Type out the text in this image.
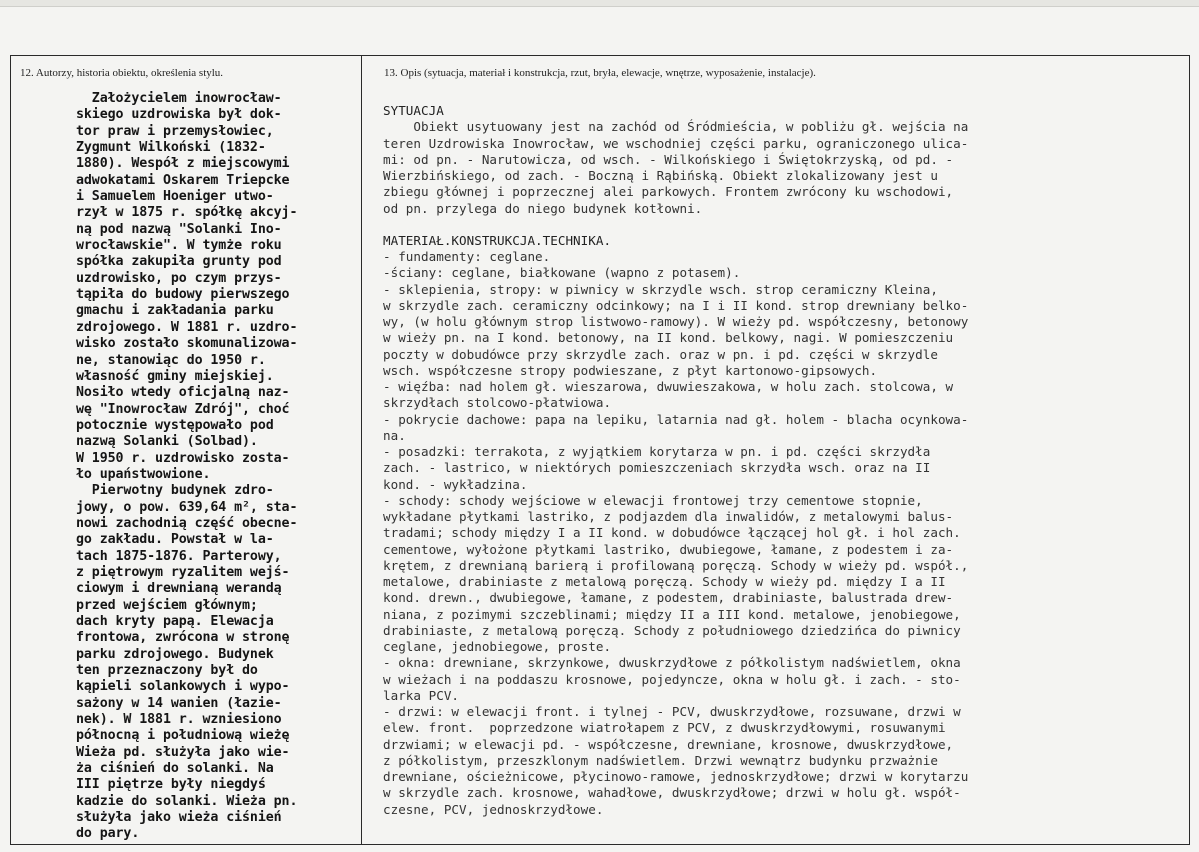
12. Autorzy, historia obiektu, określenia stylu.
Założycielem inowrocław-
skiego uzdrowiska był dok-
tor praw i przemysłowiec,
Zygmunt Wilkoński (1832-
1880). Wespół z miejscowymi
adwokatami Oskarem Triepcke
i Samuelem Hoeniger utwo-
rzył w 1875 r. spółkę akcyj-
ną pod nazwą "Solanki Ino-
wrocławskie". W tymże roku
spółka zakupiła grunty pod
uzdrowisko, po czym przys-
tąpiła do budowy pierwszego
gmachu i zakładania parku
zdrojowego. W 1881 r. uzdro-
wisko zostało skomunalizowa-
ne, stanowiąc do 1950 r.
własność gminy miejskiej.
Nosiło wtedy oficjalną naz-
wę "Inowrocław Zdrój", choć
potocznie występowało pod
nazwą Solanki (Solbad).
W 1950 r. uzdrowisko zosta-
ło upaństwowione.
Pierwotny budynek zdro-
jowy, o pow. 639,64 m², sta-
nowi zachodnią część obecne-
go zakładu. Powstał w la-
tach 1875-1876. Parterowy,
z piętrowym ryzalitem wejś-
ciowym i drewnianą werandą
przed wejściem głównym;
dach kryty papą. Elewacja
frontowa, zwrócona w stronę
parku zdrojowego. Budynek
ten przeznaczony był do
kąpieli solankowych i wypo-
sażony w 14 wanien (łazie-
nek). W 1881 r. wzniesiono
północną i południową wieżę
Wieża pd. służyła jako wie-
ża ciśnień do solanki. Na
III piętrze były niegdyś
kadzie do solanki. Wieża pn.
służyła jako wieża ciśnień
do pary.
13. Opis (sytuacja, materiał i konstrukcja, rzut, bryła, elewacje, wnętrze, wyposażenie, instalacje).
SYTUACJA
Obiekt usytuowany jest na zachód od Śródmieścia, w pobliżu gł. wejścia na
teren Uzdrowiska Inowrocław, we wschodniej części parku, ograniczonego ulica-
mi: od pn. - Narutowicza, od wsch. - Wilkońskiego i Świętokrzyską, od pd. -
Wierzbińskiego, od zach. - Boczną i Rąbińską. Obiekt zlokalizowany jest u
zbiegu głównej i poprzecznej alei parkowych. Frontem zwrócony ku wschodowi,
od pn. przylega do niego budynek kotłowni.
MATERIAŁ.KONSTRUKCJA.TECHNIKA.
- fundamenty: ceglane.
-ściany: ceglane, białkowane (wapno z potasem).
- sklepienia, stropy: w piwnicy w skrzydle wsch. strop ceramiczny Kleina,
w skrzydle zach. ceramiczny odcinkowy; na I i II kond. strop drewniany belko-
wy, (w holu głównym strop listwowo-ramowy). W wieży pd. współczesny, betonowy
w wieży pn. na I kond. betonowy, na II kond. belkowy, nagi. W pomieszczeniu
poczty w dobudówce przy skrzydle zach. oraz w pn. i pd. części w skrzydle
wsch. współczesne stropy podwieszane, z płyt kartonowo-gipsowych.
- więźba: nad holem gł. wieszarowa, dwuwieszakowa, w holu zach. stolcowa, w
skrzydłach stolcowo-płatwiowa.
- pokrycie dachowe: papa na lepiku, latarnia nad gł. holem - blacha ocynkowa-
na.
- posadzki: terrakota, z wyjątkiem korytarza w pn. i pd. części skrzydła
zach. - lastrico, w niektórych pomieszczeniach skrzydła wsch. oraz na II
kond. - wykładzina.
- schody: schody wejściowe w elewacji frontowej trzy cementowe stopnie,
wykładane płytkami lastriko, z podjazdem dla inwalidów, z metalowymi balus-
tradami; schody między I a II kond. w dobudówce łączącej hol gł. i hol zach.
cementowe, wyłożone płytkami lastriko, dwubiegowe, łamane, z podestem i za-
krętem, z drewnianą barierą i profilowaną poręczą. Schody w wieży pd. współ.,
metalowe, drabiniaste z metalową poręczą. Schody w wieży pd. między I a II
kond. drewn., dwubiegowe, łamane, z podestem, drabiniaste, balustrada drew-
niana, z pozimymi szczeblinami; między II a III kond. metalowe, jenobiegowe,
drabiniaste, z metalową poręczą. Schody z południowego dziedzińca do piwnicy
ceglane, jednobiegowe, proste.
- okna: drewniane, skrzynkowe, dwuskrzydłowe z półkolistym nadświetlem, okna
w wieżach i na poddaszu krosnowe, pojedyncze, okna w holu gł. i zach. - sto-
larka PCV.
- drzwi: w elewacji front. i tylnej - PCV, dwuskrzydłowe, rozsuwane, drzwi w
elew. front.  poprzedzone wiatrołapem z PCV, z dwuskrzydłowymi, rosuwanymi
drzwiami; w elewacji pd. - współczesne, drewniane, krosnowe, dwuskrzydłowe,
z półkolistym, przeszklonym nadświetlem. Drzwi wewnątrz budynku przważnie
drewniane, ościeżnicowe, płycinowo-ramowe, jednoskrzydłowe; drzwi w korytarzu
w skrzydle zach. krosnowe, wahadłowe, dwuskrzydłowe; drzwi w holu gł. współ-
czesne, PCV, jednoskrzydłowe.
